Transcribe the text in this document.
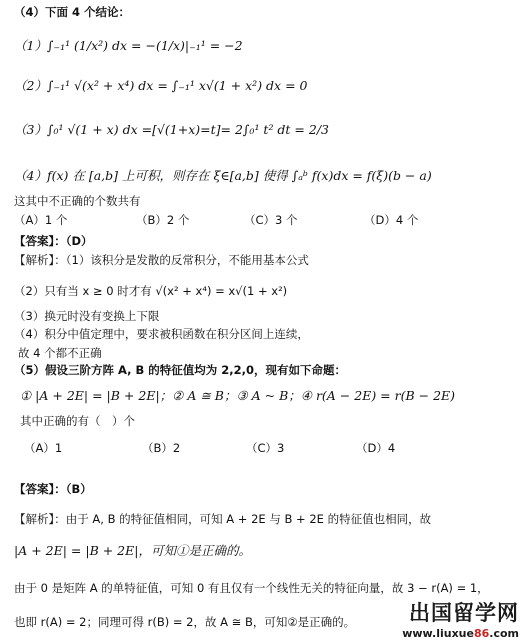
（4）下面 4 个结论：
（1）∫₋₁¹ (1/x²) dx = −(1/x)|₋₁¹ = −2
（2）∫₋₁¹ √(x² + x⁴) dx = ∫₋₁¹ x√(1 + x²) dx = 0
（3）∫₀¹ √(1 + x) dx =[√(1+x)=t]= 2∫₀¹ t² dt = 2/3
（4）f(x) 在 [a,b] 上可积，则存在 ξ∈[a,b] 使得 ∫ₐᵇ f(x)dx = f(ξ)(b − a)
这其中不正确的个数共有
（A）1 个	（B）2 个	（C）3 个	（D）4 个
【答案】：（D）
【解析】：（1）该积分是发散的反常积分，不能用基本公式
（2）只有当 x ≥ 0 时才有 √(x² + x⁴) = x√(1 + x²)
（3）换元时没有变换上下限
（4）积分中值定理中，要求被积函数在积分区间上连续，
故 4 个都不正确
（5）假设三阶方阵 A, B 的特征值均为 2,2,0，现有如下命题：
① |A + 2E| = |B + 2E|；② A ≅ B；③ A ~ B；④ r(A − 2E) = r(B − 2E)
其中正确的有（　）个
（A）1	（B）2	（C）3	（D）4
【答案】：（B）
【解析】：由于 A, B 的特征值相同，可知 A + 2E 与 B + 2E 的特征值也相同，故
|A + 2E| = |B + 2E|，可知①是正确的。
由于 0 是矩阵 A 的单特征值，可知 0 有且仅有一个线性无关的特征向量，故 3 − r(A) = 1，
也即 r(A) = 2；同理可得 r(B) = 2，故 A ≅ B，可知②是正确的。	出国留学网
www.liuxue86.com
